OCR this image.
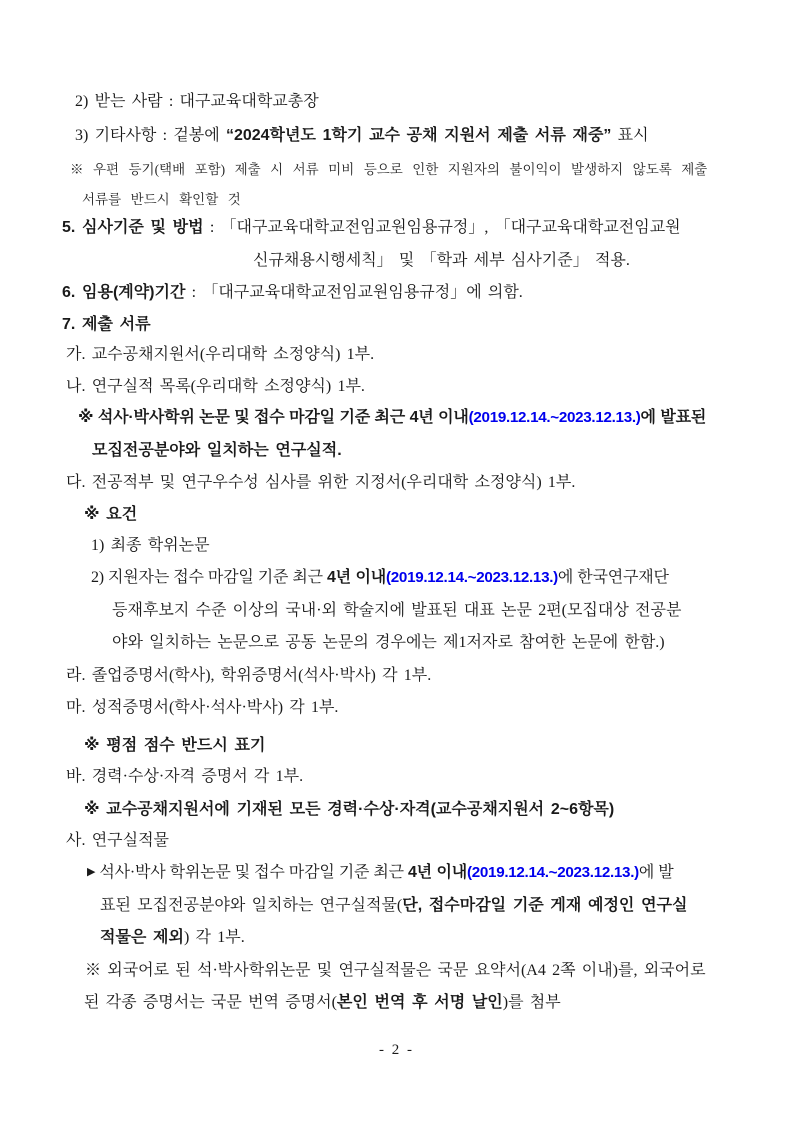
2) 받는 사람 : 대구교육대학교총장
3) 기타사항 : 겉봉에 “2024학년도 1학기 교수 공채 지원서 제출 서류 재중” 표시
※ 우편 등기(택배 포함) 제출 시 서류 미비 등으로 인한 지원자의 불이익이 발생하지 않도록 제출
서류를 반드시 확인할 것
5. 심사기준 및 방법 : 「대구교육대학교전임교원임용규정」, 「대구교육대학교전임교원
신규채용시행세칙」 및 「학과 세부 심사기준」 적용.
6. 임용(계약)기간 : 「대구교육대학교전임교원임용규정」에 의함.
7. 제출 서류
가. 교수공채지원서(우리대학 소정양식) 1부.
나. 연구실적 목록(우리대학 소정양식) 1부.
※ 석사·박사학위 논문 및 접수 마감일 기준 최근 4년 이내(2019.12.14.~2023.12.13.)에 발표된
모집전공분야와 일치하는 연구실적.
다. 전공적부 및 연구우수성 심사를 위한 지정서(우리대학 소정양식) 1부.
※ 요건
1) 최종 학위논문
2) 지원자는 접수 마감일 기준 최근 4년 이내(2019.12.14.~2023.12.13.)에 한국연구재단
등재후보지 수준 이상의 국내·외 학술지에 발표된 대표 논문 2편(모집대상 전공분
야와 일치하는 논문으로 공동 논문의 경우에는 제1저자로 참여한 논문에 한함.)
라. 졸업증명서(학사), 학위증명서(석사·박사) 각 1부.
마. 성적증명서(학사·석사·박사) 각 1부.
※ 평점 점수 반드시 표기
바. 경력·수상·자격 증명서 각 1부.
※ 교수공채지원서에 기재된 모든 경력·수상·자격(교수공채지원서 2~6항목)
사. 연구실적물
▶ 석사·박사 학위논문 및 접수 마감일 기준 최근 4년 이내(2019.12.14.~2023.12.13.)에 발
표된 모집전공분야와 일치하는 연구실적물(단, 접수마감일 기준 게재 예정인 연구실
적물은 제외) 각 1부.
※ 외국어로 된 석·박사학위논문 및 연구실적물은 국문 요약서(A4 2쪽 이내)를, 외국어로
된 각종 증명서는 국문 번역 증명서(본인 번역 후 서명 날인)를 첨부
- 2 -
